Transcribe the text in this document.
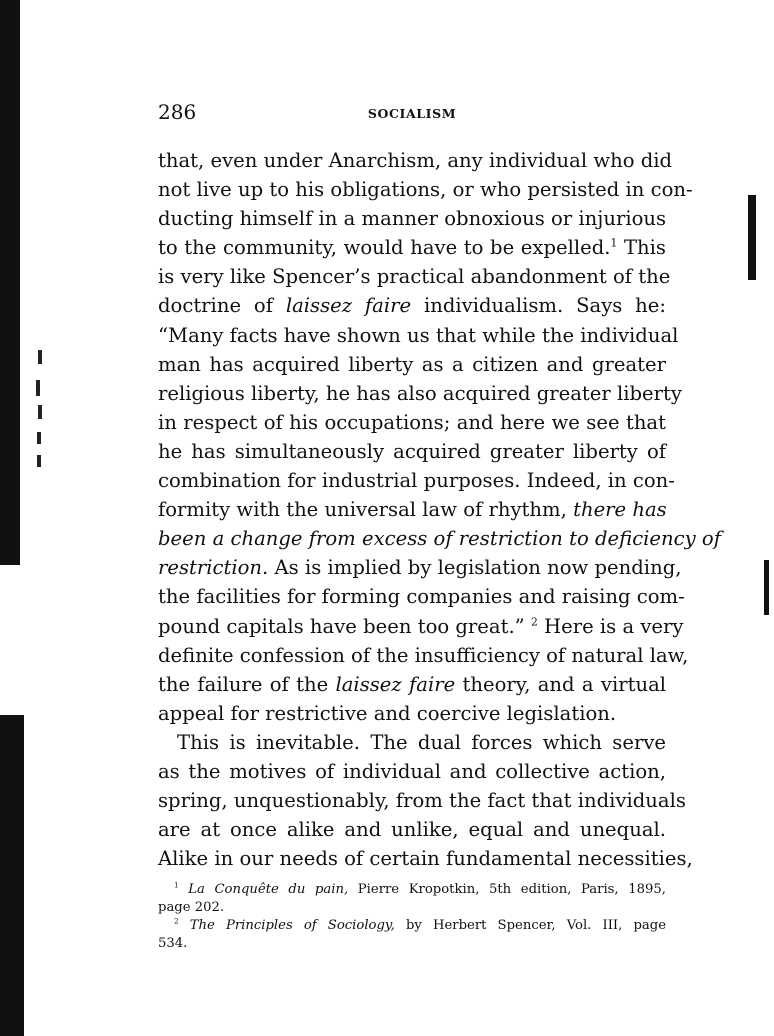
286	SOCIALISM
that, even under Anarchism, any individual who did
not live up to his obligations, or who persisted in con-
ducting himself in a manner obnoxious or injurious
to the community, would have to be expelled.$^1$ This
is very like Spencer’s practical abandonment of the
doctrine of laissez faire individualism. Says he:
“Many facts have shown us that while the individual
man has acquired liberty as a citizen and greater
religious liberty, he has also acquired greater liberty
in respect of his occupations; and here we see that
he has simultaneously acquired greater liberty of
combination for industrial purposes. Indeed, in con-
formity with the universal law of rhythm, there has
been a change from excess of restriction to deficiency of
restriction. As is implied by legislation now pending,
the facilities for forming companies and raising com-
pound capitals have been too great.” $^2$ Here is a very
definite confession of the insufficiency of natural law,
the failure of the laissez faire theory, and a virtual
appeal for restrictive and coercive legislation.
This is inevitable. The dual forces which serve
as the motives of individual and collective action,
spring, unquestionably, from the fact that individuals
are at once alike and unlike, equal and unequal.
Alike in our needs of certain fundamental necessities,
$^1$ La Conquête du pain, Pierre Kropotkin, 5th edition, Paris, 1895,
page 202.
$^2$ The Principles of Sociology, by Herbert Spencer, Vol. III, page
534.
